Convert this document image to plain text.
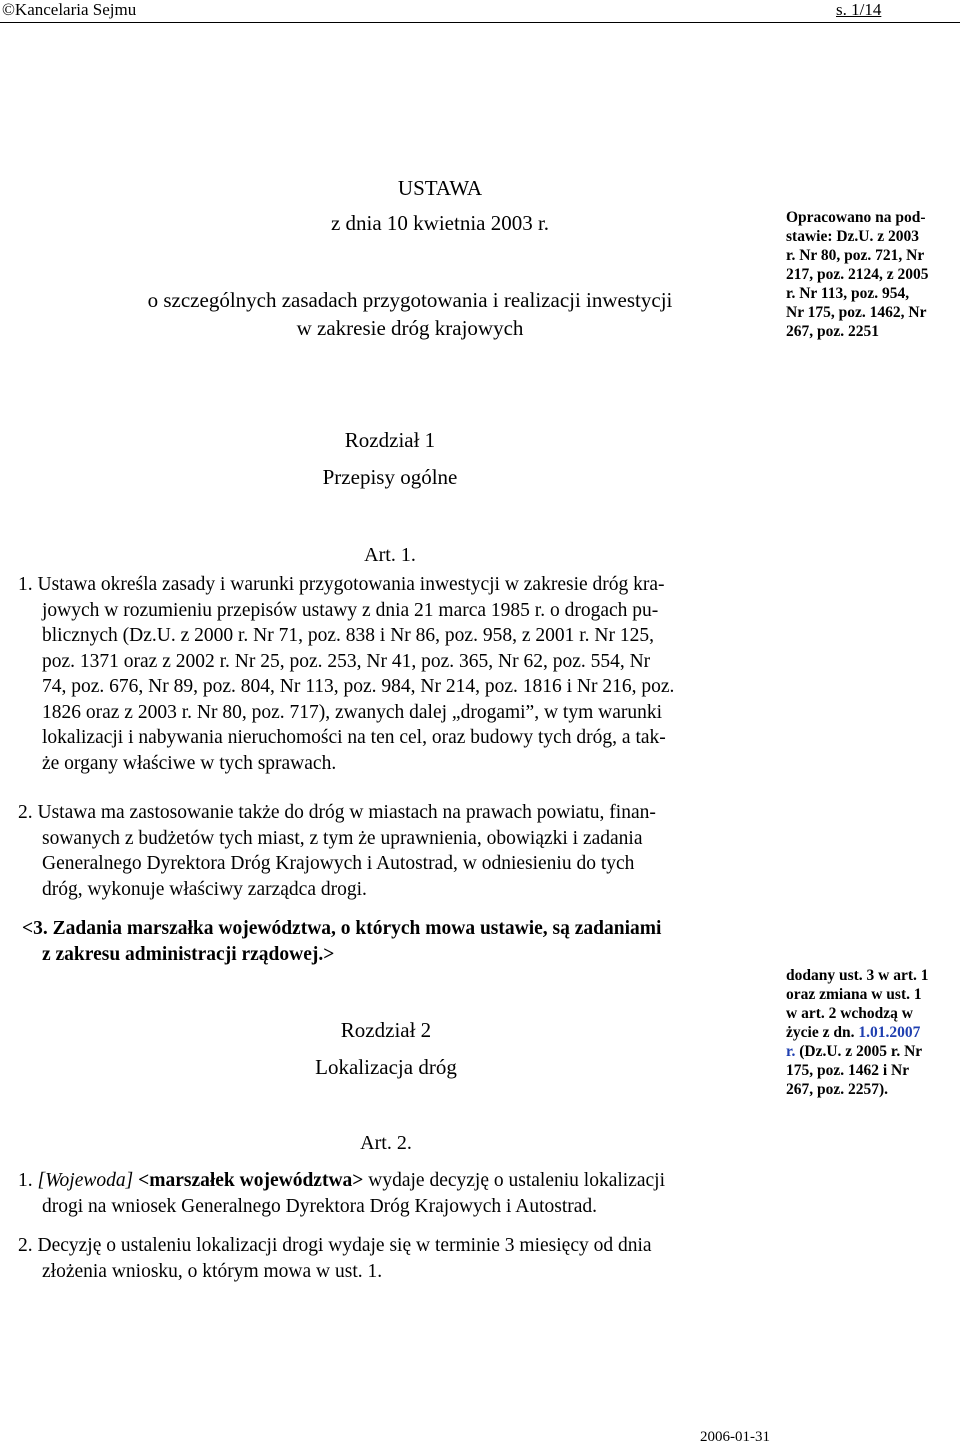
©Kancelaria Sejmu	s. 1/14
USTAWA
z dnia 10 kwietnia 2003 r.
o szczególnych zasadach przygotowania i realizacji inwestycji
w zakresie dróg krajowych
Opracowano na pod-
stawie: Dz.U. z 2003
r. Nr 80, poz. 721, Nr
217, poz. 2124, z 2005
r. Nr 113, poz. 954,
Nr 175, poz. 1462, Nr
267, poz. 2251
Rozdział 1
Przepisy ogólne
Art. 1.
1. Ustawa określa zasady i warunki przygotowania inwestycji w zakresie dróg kra-
jowych w rozumieniu przepisów ustawy z dnia 21 marca 1985 r. o drogach pu-
blicznych (Dz.U. z 2000 r. Nr 71, poz. 838 i Nr 86, poz. 958, z 2001 r. Nr 125,
poz. 1371 oraz z 2002 r. Nr 25, poz. 253, Nr 41, poz. 365, Nr 62, poz. 554, Nr
74, poz. 676, Nr 89, poz. 804, Nr 113, poz. 984, Nr 214, poz. 1816 i Nr 216, poz.
1826 oraz z 2003 r. Nr 80, poz. 717), zwanych dalej „drogami”, w tym warunki
lokalizacji i nabywania nieruchomości na ten cel, oraz budowy tych dróg, a tak-
że organy właściwe w tych sprawach.
2. Ustawa ma zastosowanie także do dróg w miastach na prawach powiatu, finan-
sowanych z budżetów tych miast, z tym że uprawnienia, obowiązki i zadania
Generalnego Dyrektora Dróg Krajowych i Autostrad, w odniesieniu do tych
dróg, wykonuje właściwy zarządca drogi.
<3. Zadania marszałka województwa, o których mowa ustawie, są zadaniami
z zakresu administracji rządowej.>
dodany ust. 3 w art. 1
oraz zmiana w ust. 1
w art. 2 wchodzą w
życie z dn. 1.01.2007
r. (Dz.U. z 2005 r. Nr
175, poz. 1462 i Nr
267, poz. 2257).
Rozdział 2
Lokalizacja dróg
Art. 2.
1. [Wojewoda] <marszałek województwa> wydaje decyzję o ustaleniu lokalizacji
drogi na wniosek Generalnego Dyrektora Dróg Krajowych i Autostrad.
2. Decyzję o ustaleniu lokalizacji drogi wydaje się w terminie 3 miesięcy od dnia
złożenia wniosku, o którym mowa w ust. 1.
2006-01-31
